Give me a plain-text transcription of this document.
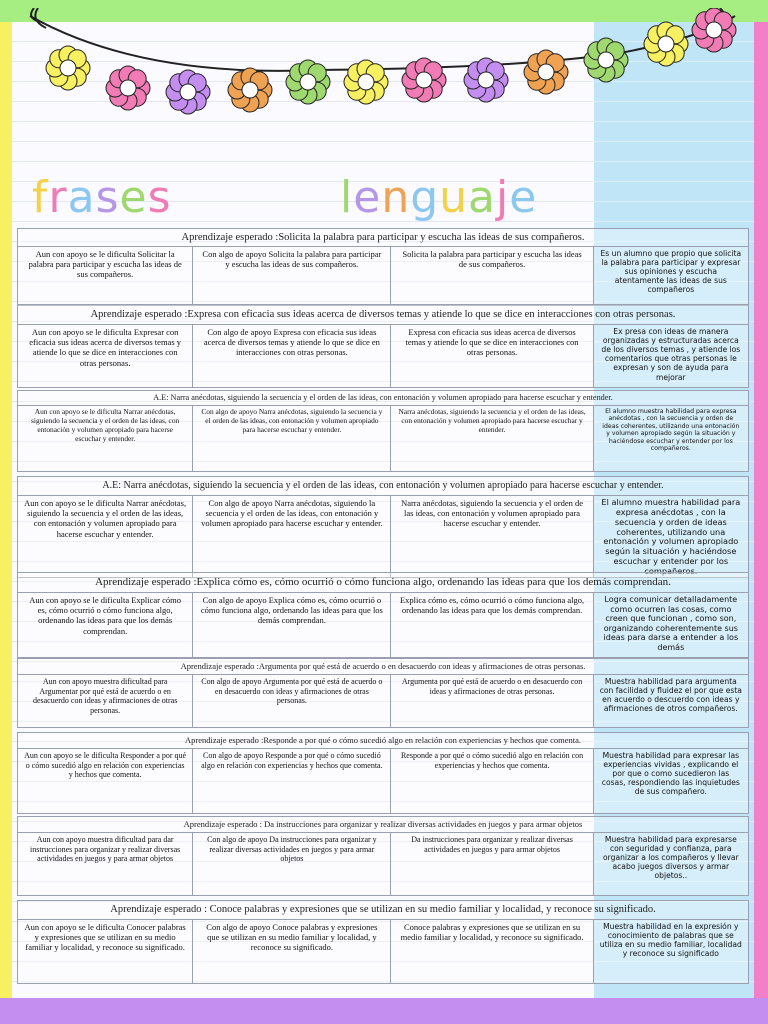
frases	lenguaje
Aprendizaje esperado :Solicita la palabra para participar y escucha las ideas de sus compañeros.
Aun con apoyo se le dificulta Solicitar la palabra para participar y escucha las ideas de sus compañeros.
Con algo de apoyo Solicita la palabra para participar y escucha las ideas de sus compañeros.
Solicita la palabra para participar y escucha las ideas de sus compañeros.
Es un alumno que propio que solicita la palabra para participar y expresar sus opiniones y escucha atentamente las ideas de sus compañeros
Aprendizaje esperado :Expresa con eficacia sus ideas acerca de diversos temas y atiende lo que se dice en interacciones con otras personas.
Aun con apoyo se le dificulta Expresar con eficacia sus ideas acerca de diversos temas y atiende lo que se dice en interacciones con otras personas.
Con algo de apoyo Expresa con eficacia sus ideas acerca de diversos temas y atiende lo que se dice en interacciones con otras personas.
Expresa con eficacia sus ideas acerca de diversos temas y atiende lo que se dice en interacciones con otras personas.
Ex presa con ideas de manera organizadas y estructuradas acerca de los diversos temas , y atiende los comentarios que otras personas le expresan y son de ayuda para mejorar
A.E: Narra anécdotas, siguiendo la secuencia y el orden de las ideas, con entonación y volumen apropiado para hacerse escuchar y entender.
Aun con apoyo se le dificulta Narrar anécdotas, siguiendo la secuencia y el orden de las ideas, con entonación y volumen apropiado para hacerse escuchar y entender.
Con algo de apoyo Narra anécdotas, siguiendo la secuencia y el orden de las ideas, con entonación y volumen apropiado para hacerse escuchar y entender.
Narra anécdotas, siguiendo la secuencia y el orden de las ideas, con entonación y volumen apropiado para hacerse escuchar y entender.
El alumno muestra habilidad para expresa anécdotas , con la secuencia y orden de ideas coherentes, utilizando una entonación y volumen apropiado según la situación y haciéndose escuchar y entender por los compañeros.
A.E: Narra anécdotas, siguiendo la secuencia y el orden de las ideas, con entonación y volumen apropiado para hacerse escuchar y entender.
Aun con apoyo se le dificulta Narrar anécdotas, siguiendo la secuencia y el orden de las ideas, con entonación y volumen apropiado para hacerse escuchar y entender.
Con algo de apoyo Narra anécdotas, siguiendo la secuencia y el orden de las ideas, con entonación y volumen apropiado para hacerse escuchar y entender.
Narra anécdotas, siguiendo la secuencia y el orden de las ideas, con entonación y volumen apropiado para hacerse escuchar y entender.
El alumno muestra habilidad para expresa anécdotas , con la secuencia y orden de ideas coherentes, utilizando una entonación y volumen apropiado según la situación y haciéndose escuchar y entender por los compañeros.
Aprendizaje esperado :Explica cómo es, cómo ocurrió o cómo funciona algo, ordenando las ideas para que los demás comprendan.
Aun con apoyo se le dificulta Explicar cómo es, cómo ocurrió o cómo funciona algo, ordenando las ideas para que los demás comprendan.
Con algo de apoyo Explica cómo es, cómo ocurrió o cómo funciona algo, ordenando las ideas para que los demás comprendan.
Explica cómo es, cómo ocurrió o cómo funciona algo, ordenando las ideas para que los demás comprendan.
Logra comunicar detalladamente como ocurren las cosas, como creen que funcionan , como son, organizando coherentemente sus ideas para darse a entender a los demás
Aprendizaje esperado :Argumenta por qué está de acuerdo o en desacuerdo con ideas y afirmaciones de otras personas.
Aun con apoyo muestra dificultad para Argumentar por qué está de acuerdo o en desacuerdo con ideas y afirmaciones de otras personas.
Con algo de apoyo Argumenta por qué está de acuerdo o en desacuerdo con ideas y afirmaciones de otras personas.
Argumenta por qué está de acuerdo o en desacuerdo con ideas y afirmaciones de otras personas.
Muestra habilidad para argumenta con facilidad y fluidez el por que esta en acuerdo o descuerdo con ideas y afirmaciones de otros compañeros.
Aprendizaje esperado :Responde a por qué o cómo sucedió algo en relación con experiencias y hechos que comenta.
Aun con apoyo se le dificulta Responder a por qué o cómo sucedió algo en relación con experiencias y hechos que comenta.
Con algo de apoyo Responde a por qué o cómo sucedió algo en relación con experiencias y hechos que comenta.
Responde a por qué o cómo sucedió algo en relación con experiencias y hechos que comenta.
Muestra habilidad para expresar las experiencias vividas , explicando el por que o como sucedieron las cosas, respondiendo las inquietudes de sus compañero.
Aprendizaje esperado : Da instrucciones para organizar y realizar diversas actividades en juegos y para armar objetos
Aun con apoyo muestra dificultad para dar instrucciones para organizar y realizar diversas actividades en juegos y para armar objetos
Con algo de apoyo Da instrucciones para organizar y realizar diversas actividades en juegos y para armar objetos
Da instrucciones para organizar y realizar diversas actividades en juegos y para armar objetos
Muestra habilidad para expresarse con seguridad y confianza, para organizar a los compañeros y llevar acabo juegos diversos y armar objetos..
Aprendizaje esperado : Conoce palabras y expresiones que se utilizan en su medio familiar y localidad, y reconoce su significado.
Aun con apoyo se le dificulta Conocer palabras y expresiones que se utilizan en su medio familiar y localidad, y reconoce su significado.
Con algo de apoyo Conoce palabras y expresiones que se utilizan en su medio familiar y localidad, y reconoce su significado.
Conoce palabras y expresiones que se utilizan en su medio familiar y localidad, y reconoce su significado.
Muestra habilidad en la expresión y conocimiento de palabras que se utiliza en su medio familiar, localidad y reconoce su significado
